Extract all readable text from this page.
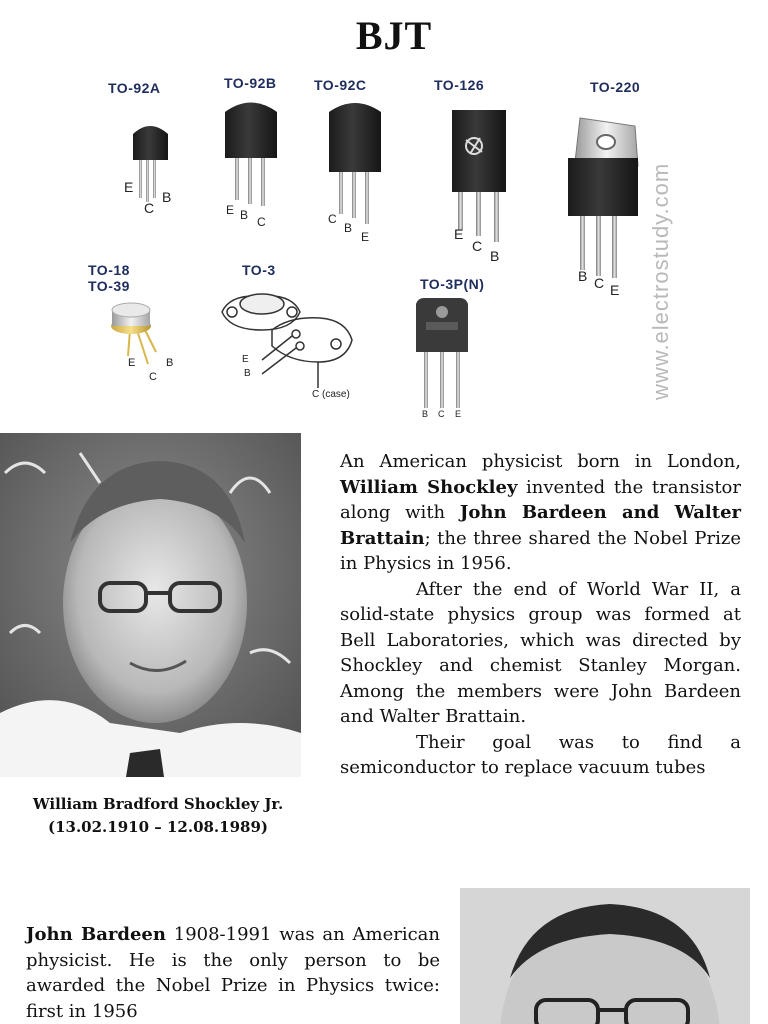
BJT
TO-92A	TO-92B	TO-92C	TO-126	TO-220
TO-18
TO-39
TO-3
TO-3P(N)
E
C
B
E B C	C
B
E	E
C
B
B C E
E	B
C
E
B
C (case)
B C E
www.electrostudy.com
William Bradford Shockley Jr.
(13.02.1910 – 12.08.1989)

An American physicist born in London, William Shockley invented the transistor along with John Bardeen and Walter Brattain; the three shared the Nobel Prize in Physics in 1956.

After the end of World War II, a solid-state physics group was formed at Bell Laboratories, which was directed by Shockley and chemist Stanley Morgan. Among the members were John Bardeen and Walter Brattain.

Their goal was to find a semiconductor to replace vacuum tubes

John Bardeen 1908-1991 was an American physicist. He is the only person to be awarded the Nobel Prize in Physics twice: first in 1956
